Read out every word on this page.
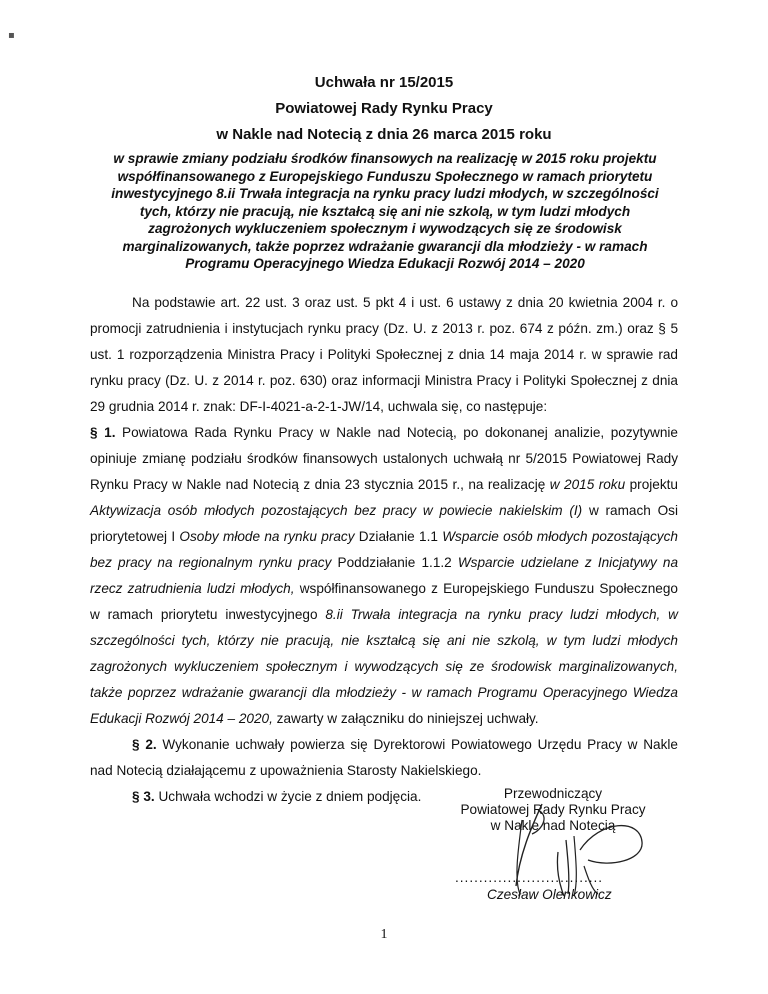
▪
Uchwała nr 15/2015
Powiatowej Rady Rynku Pracy
w Nakle nad Notecią z dnia 26 marca 2015 roku
w sprawie zmiany podziału środków finansowych na realizację w 2015 roku projektu
współfinansowanego z Europejskiego Funduszu Społecznego w ramach priorytetu
inwestycyjnego 8.ii Trwała integracja na rynku pracy ludzi młodych, w szczególności
tych, którzy nie pracują, nie kształcą się ani nie szkolą, w tym ludzi młodych
zagrożonych wykluczeniem społecznym i wywodzących się ze środowisk
marginalizowanych, także poprzez wdrażanie gwarancji dla młodzieży - w ramach
Programu Operacyjnego Wiedza Edukacji Rozwój 2014 – 2020

Na podstawie art. 22 ust. 3 oraz ust. 5 pkt 4 i ust. 6 ustawy z dnia 20 kwietnia 2004 r. o promocji zatrudnienia i instytucjach rynku pracy (Dz. U. z 2013 r. poz. 674 z późn. zm.) oraz § 5 ust. 1 rozporządzenia Ministra Pracy i Polityki Społecznej z dnia 14 maja 2014 r. w sprawie rad rynku pracy (Dz. U. z 2014 r. poz. 630) oraz informacji Ministra Pracy i Polityki Społecznej z dnia 29 grudnia 2014 r. znak: DF-I-4021-a-2-1-JW/14, uchwala się, co następuje:

§ 1. Powiatowa Rada Rynku Pracy w Nakle nad Notecią, po dokonanej analizie, pozytywnie opiniuje zmianę podziału środków finansowych ustalonych uchwałą nr 5/2015 Powiatowej Rady Rynku Pracy w Nakle nad Notecią z dnia 23 stycznia 2015 r., na realizację w 2015 roku projektu Aktywizacja osób młodych pozostających bez pracy w powiecie nakielskim (I) w ramach Osi priorytetowej I Osoby młode na rynku pracy Działanie 1.1 Wsparcie osób młodych pozostających bez pracy na regionalnym rynku pracy Poddziałanie 1.1.2 Wsparcie udzielane z Inicjatywy na rzecz zatrudnienia ludzi młodych, współfinansowanego z Europejskiego Funduszu Społecznego w ramach priorytetu inwestycyjnego 8.ii Trwała integracja na rynku pracy ludzi młodych, w szczególności tych, którzy nie pracują, nie kształcą się ani nie szkolą, w tym ludzi młodych zagrożonych wykluczeniem społecznym i wywodzących się ze środowisk marginalizowanych, także poprzez wdrażanie gwarancji dla młodzieży - w ramach Programu Operacyjnego Wiedza Edukacji Rozwój 2014 – 2020, zawarty w załączniku do niniejszej uchwały.

§ 2. Wykonanie uchwały powierza się Dyrektorowi Powiatowego Urzędu Pracy w Nakle nad Notecią działającemu z upoważnienia Starosty Nakielskiego.

§ 3. Uchwała wchodzi w życie z dniem podjęcia.	Przewodniczący
Powiatowej Rady Rynku Pracy
w Nakle nad Notecią
...............................
Czesław Olenkowicz
1
